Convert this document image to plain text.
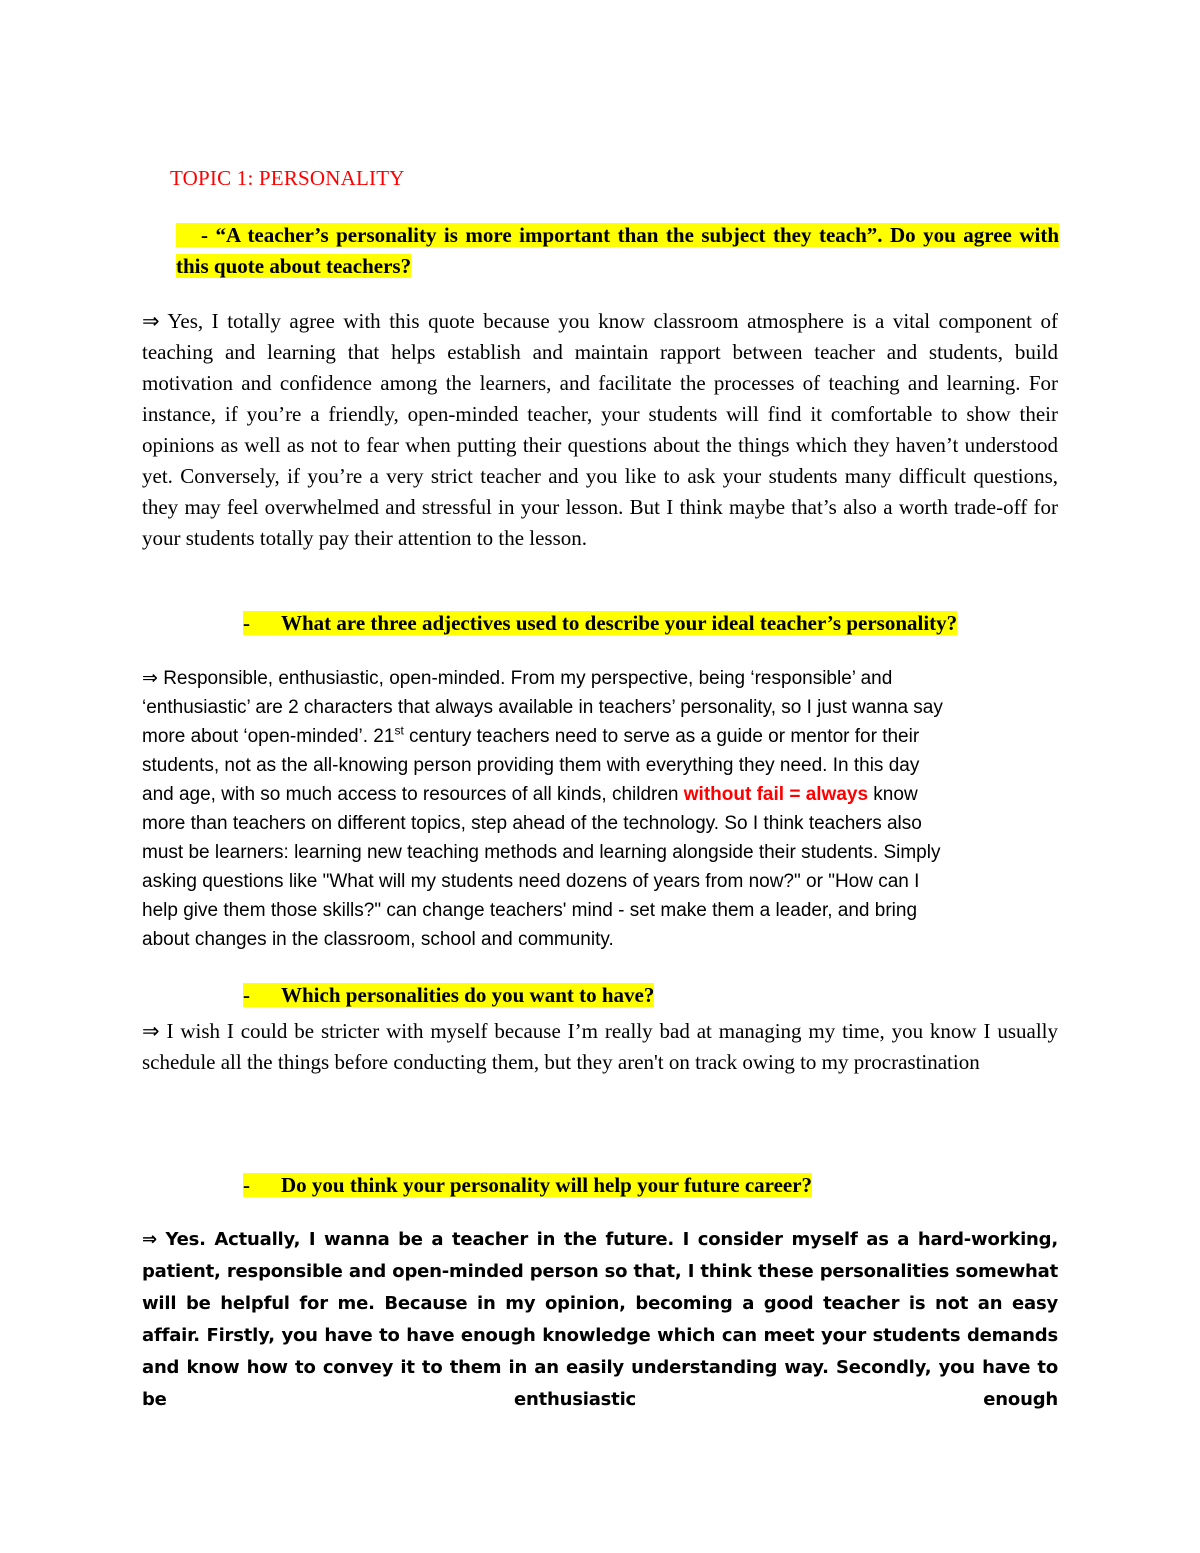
TOPIC 1: PERSONALITY
- “A teacher’s personality is more important than the subject they teach”. Do you agree with this quote about teachers?
⇒ Yes, I totally agree with this quote because you know classroom atmosphere is a vital component of teaching and learning that helps establish and maintain rapport between teacher and students, build motivation and confidence among the learners, and facilitate the processes of teaching and learning. For instance, if you’re a friendly, open-minded teacher, your students will find it comfortable to show their opinions as well as not to fear when putting their questions about the things which they haven’t understood yet. Conversely, if you’re a very strict teacher and you like to ask your students many difficult questions, they may feel overwhelmed and stressful in your lesson. But I think maybe that’s also a worth trade-off for your students totally pay their attention to the lesson.
- What are three adjectives used to describe your ideal teacher’s personality?
⇒ Responsible, enthusiastic, open-minded. From my perspective, being ‘responsible’ and
‘enthusiastic’ are 2 characters that always available in teachers’ personality, so I just wanna say
more about ‘open-minded’. 21st century teachers need to serve as a guide or mentor for their
students, not as the all-knowing person providing them with everything they need. In this day
and age, with so much access to resources of all kinds, children without fail = always know
more than teachers on different topics, step ahead of the technology. So I think teachers also
must be learners: learning new teaching methods and learning alongside their students. Simply
asking questions like "What will my students need dozens of years from now?" or "How can I
help give them those skills?" can change teachers' mind - set make them a leader, and bring
about changes in the classroom, school and community.
- Which personalities do you want to have?
⇒ I wish I could be stricter with myself because I’m really bad at managing my time, you know I usually schedule all the things before conducting them, but they aren't on track owing to my procrastination
- Do you think your personality will help your future career?
⇒ Yes. Actually, I wanna be a teacher in the future. I consider myself as a hard-working, patient, responsible and open-minded person so that, I think these personalities somewhat will be helpful for me. Because in my opinion, becoming a good teacher is not an easy affair. Firstly, you have to have enough knowledge which can meet your students demands and know how to convey it to them in an easily understanding way. Secondly, you have to be enthusiastic enough
